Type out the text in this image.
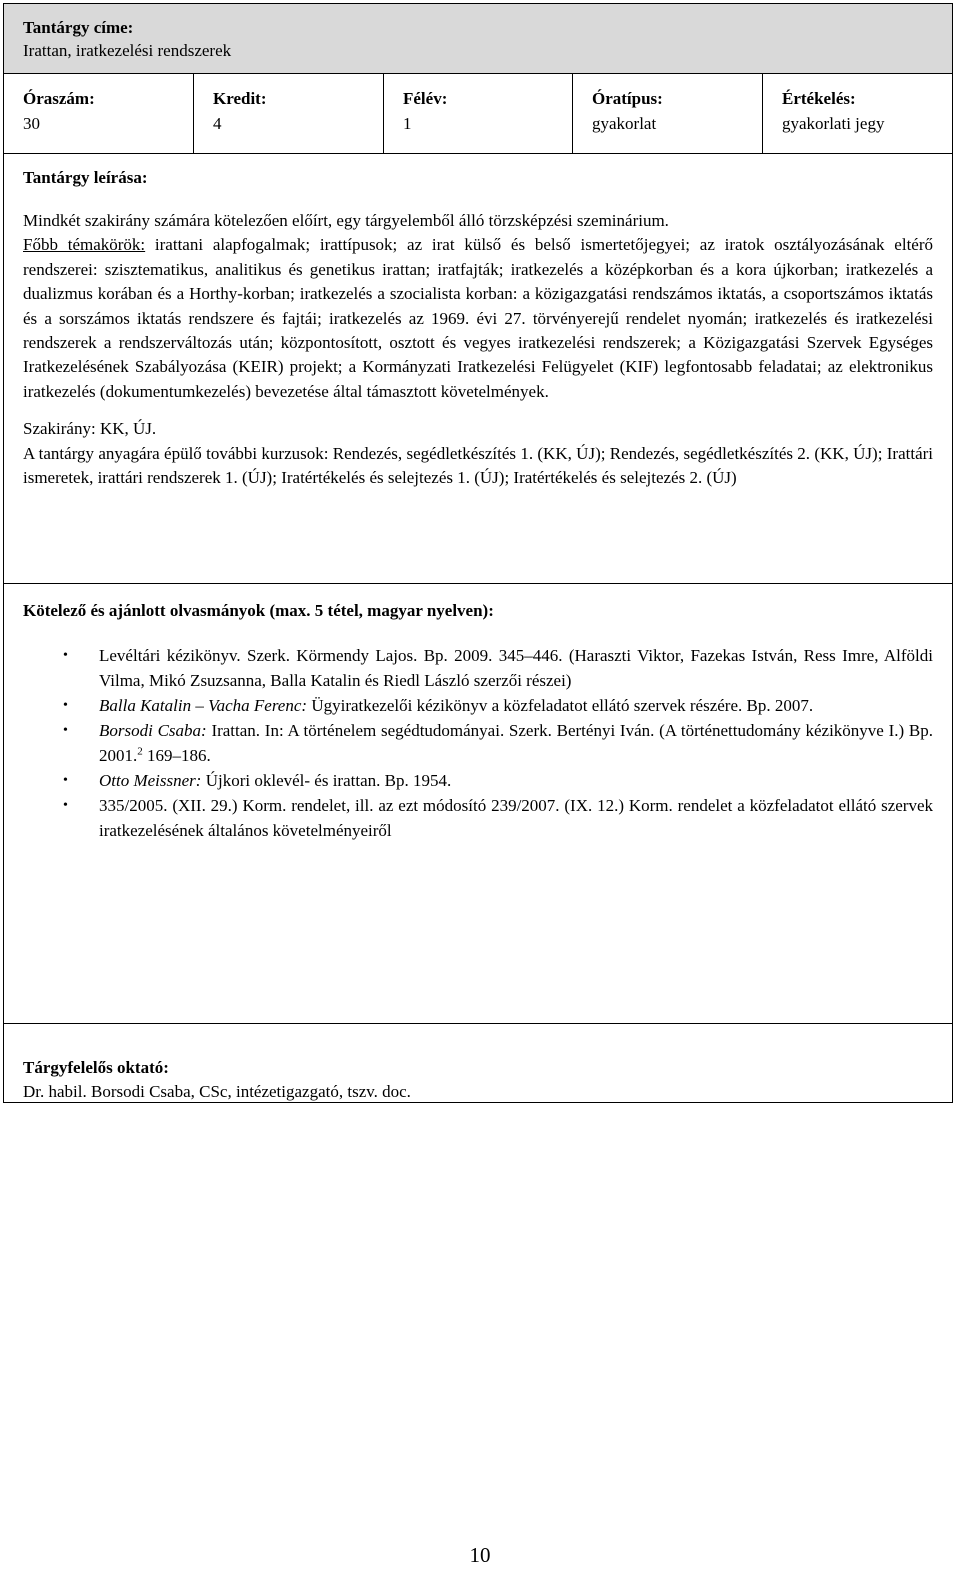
Tantárgy címe:
Irattan, iratkezelési rendszerek
Óraszám:
30
Kredit:
4
Félév:
1
Óratípus:
gyakorlat
Értékelés:
gyakorlati jegy
Tantárgy leírása:

Mindkét szakirány számára kötelezően előírt, egy tárgyelemből álló törzsképzési szeminárium.

Főbb témakörök: irattani alapfogalmak; irattípusok; az irat külső és belső ismertetőjegyei; az iratok osztályozásának eltérő rendszerei: szisztematikus, analitikus és genetikus irattan; iratfajták; iratkezelés a középkorban és a kora újkorban; iratkezelés a dualizmus korában és a Horthy-korban; iratkezelés a szocialista korban: a közigazgatási rendszámos iktatás, a csoportszámos iktatás és a sorszámos iktatás rendszere és fajtái; iratkezelés az 1969. évi 27. törvényerejű rendelet nyomán; iratkezelés és iratkezelési rendszerek a rendszerváltozás után; központosított, osztott és vegyes iratkezelési rendszerek; a Közigazgatási Szervek Egységes Iratkezelésének Szabályozása (KEIR) projekt; a Kormányzati Iratkezelési Felügyelet (KIF) legfontosabb feladatai; az elektronikus iratkezelés (dokumentumkezelés) bevezetése által támasztott követelmények.

Szakirány: KK, ÚJ.

A tantárgy anyagára épülő további kurzusok: Rendezés, segédletkészítés 1. (KK, ÚJ); Rendezés, segédletkészítés 2. (KK, ÚJ); Irattári ismeretek, irattári rendszerek 1. (ÚJ); Iratértékelés és selejtezés 1. (ÚJ); Iratértékelés és selejtezés 2. (ÚJ)

Kötelező és ajánlott olvasmányok (max. 5 tétel, magyar nyelven):
• Levéltári kézikönyv. Szerk. Körmendy Lajos. Bp. 2009. 345–446. (Haraszti Viktor, Fazekas István, Ress Imre, Alföldi Vilma, Mikó Zsuzsanna, Balla Katalin és Riedl László szerzői részei)
• Balla Katalin – Vacha Ferenc: Ügyiratkezelői kézikönyv a közfeladatot ellátó szervek részére. Bp. 2007.
• Borsodi Csaba: Irattan. In: A történelem segédtudományai. Szerk. Bertényi Iván. (A történettudomány kézikönyve I.) Bp. 2001.$^2$ 169–186.
• Otto Meissner: Újkori oklevél- és irattan. Bp. 1954.
• 335/2005. (XII. 29.) Korm. rendelet, ill. az ezt módosító 239/2007. (IX. 12.) Korm. rendelet a közfeladatot ellátó szervek iratkezelésének általános követelményeiről
Tárgyfelelős oktató:
Dr. habil. Borsodi Csaba, CSc, intézetigazgató, tszv. doc.
10
